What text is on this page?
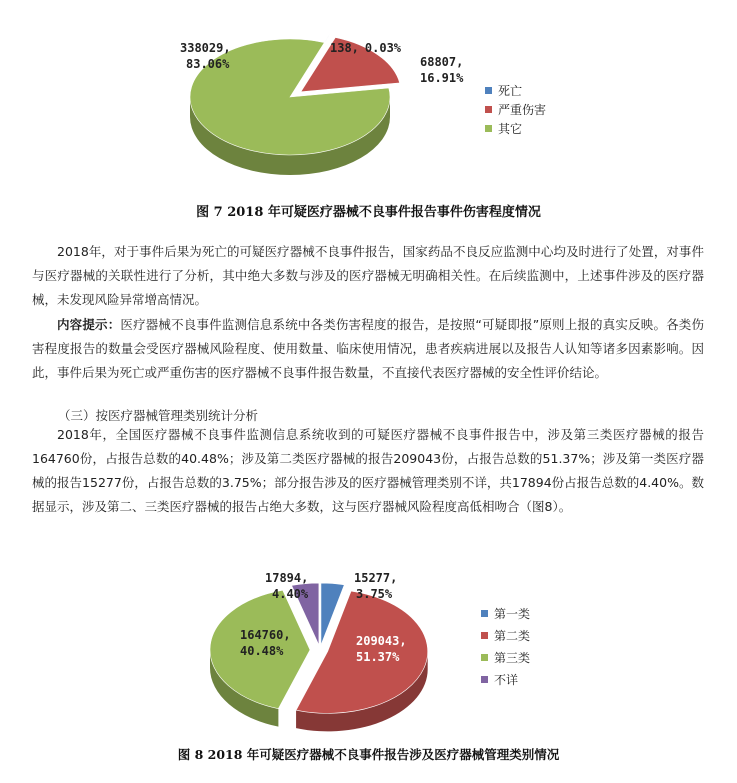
338029,
83.06%
138, 0.03%
68807,
16.91%
死亡
严重伤害
其它
17894,
4.40%
15277,
3.75%
209043,
51.37%
164760,
40.48%
第一类
第二类
第三类
不详
图 7 2018 年可疑医疗器械不良事件报告事件伤害程度情况

2018年，对于事件后果为死亡的可疑医疗器械不良事件报告，国家药品不良反应监测中心均及时进行了处置，对事件与医疗器械的关联性进行了分析，其中绝大多数与涉及的医疗器械无明确相关性。在后续监测中，上述事件涉及的医疗器械，未发现风险异常增高情况。

内容提示：医疗器械不良事件监测信息系统中各类伤害程度的报告，是按照“可疑即报”原则上报的真实反映。各类伤害程度报告的数量会受医疗器械风险程度、使用数量、临床使用情况，患者疾病进展以及报告人认知等诸多因素影响。因此，事件后果为死亡或严重伤害的医疗器械不良事件报告数量，不直接代表医疗器械的安全性评价结论。

（三）按医疗器械管理类别统计分析

2018年，全国医疗器械不良事件监测信息系统收到的可疑医疗器械不良事件报告中，涉及第三类医疗器械的报告164760份，占报告总数的40.48%；涉及第二类医疗器械的报告209043份，占报告总数的51.37%；涉及第一类医疗器械的报告15277份，占报告总数的3.75%；部分报告涉及的医疗器械管理类别不详，共17894份占报告总数的4.40%。数据显示，涉及第二、三类医疗器械的报告占绝大多数，这与医疗器械风险程度高低相吻合（图8）。

图 8 2018 年可疑医疗器械不良事件报告涉及医疗器械管理类别情况
